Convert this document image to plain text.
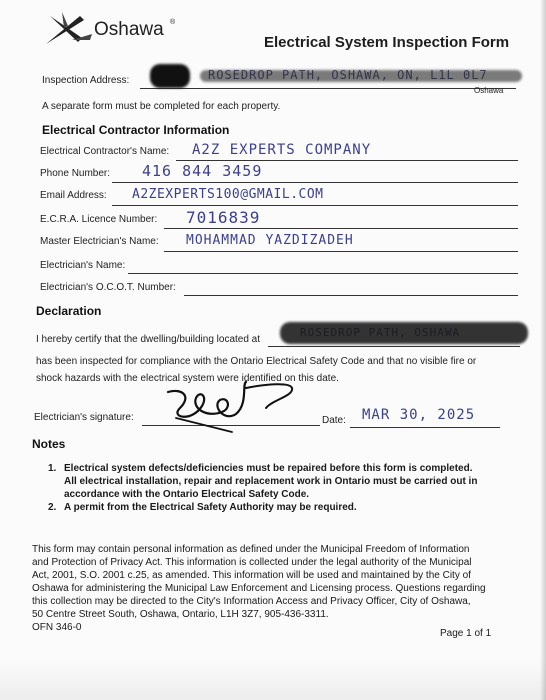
Oshawa ®
Electrical System Inspection Form
Inspection Address:
Oshawa
A separate form must be completed for each property.
Electrical Contractor Information
Electrical Contractor's Name: A2Z EXPERTS COMPANY
Phone Number: 416 844 3459
Email Address: A2ZEXPERTS100@GMAIL.COM
E.C.R.A. Licence Number: 7016839
Master Electrician's Name: MOHAMMAD YAZDIZADEH
Electrician's Name:
Electrician's O.C.O.T. Number:
Declaration
I hereby certify that the dwelling/building located at
has been inspected for compliance with the Ontario Electrical Safety Code and that no visible fire or
shock hazards with the electrical system were identified on this date.
Electrician's signature:	Date: MAR 30, 2025
Notes
1. Electrical system defects/deficiencies must be repaired before this form is completed.
All electrical installation, repair and replacement work in Ontario must be carried out in
accordance with the Ontario Electrical Safety Code.
2. A permit from the Electrical Safety Authority may be required.
This form may contain personal information as defined under the Municipal Freedom of Information
and Protection of Privacy Act. This information is collected under the legal authority of the Municipal
Act, 2001, S.O. 2001 c.25, as amended. This information will be used and maintained by the City of
Oshawa for administering the Municipal Law Enforcement and Licensing process. Questions regarding
this collection may be directed to the City's Information Access and Privacy Officer, City of Oshawa,
50 Centre Street South, Oshawa, Ontario, L1H 3Z7, 905-436-3311.
OFN 346-0
Page 1 of 1
